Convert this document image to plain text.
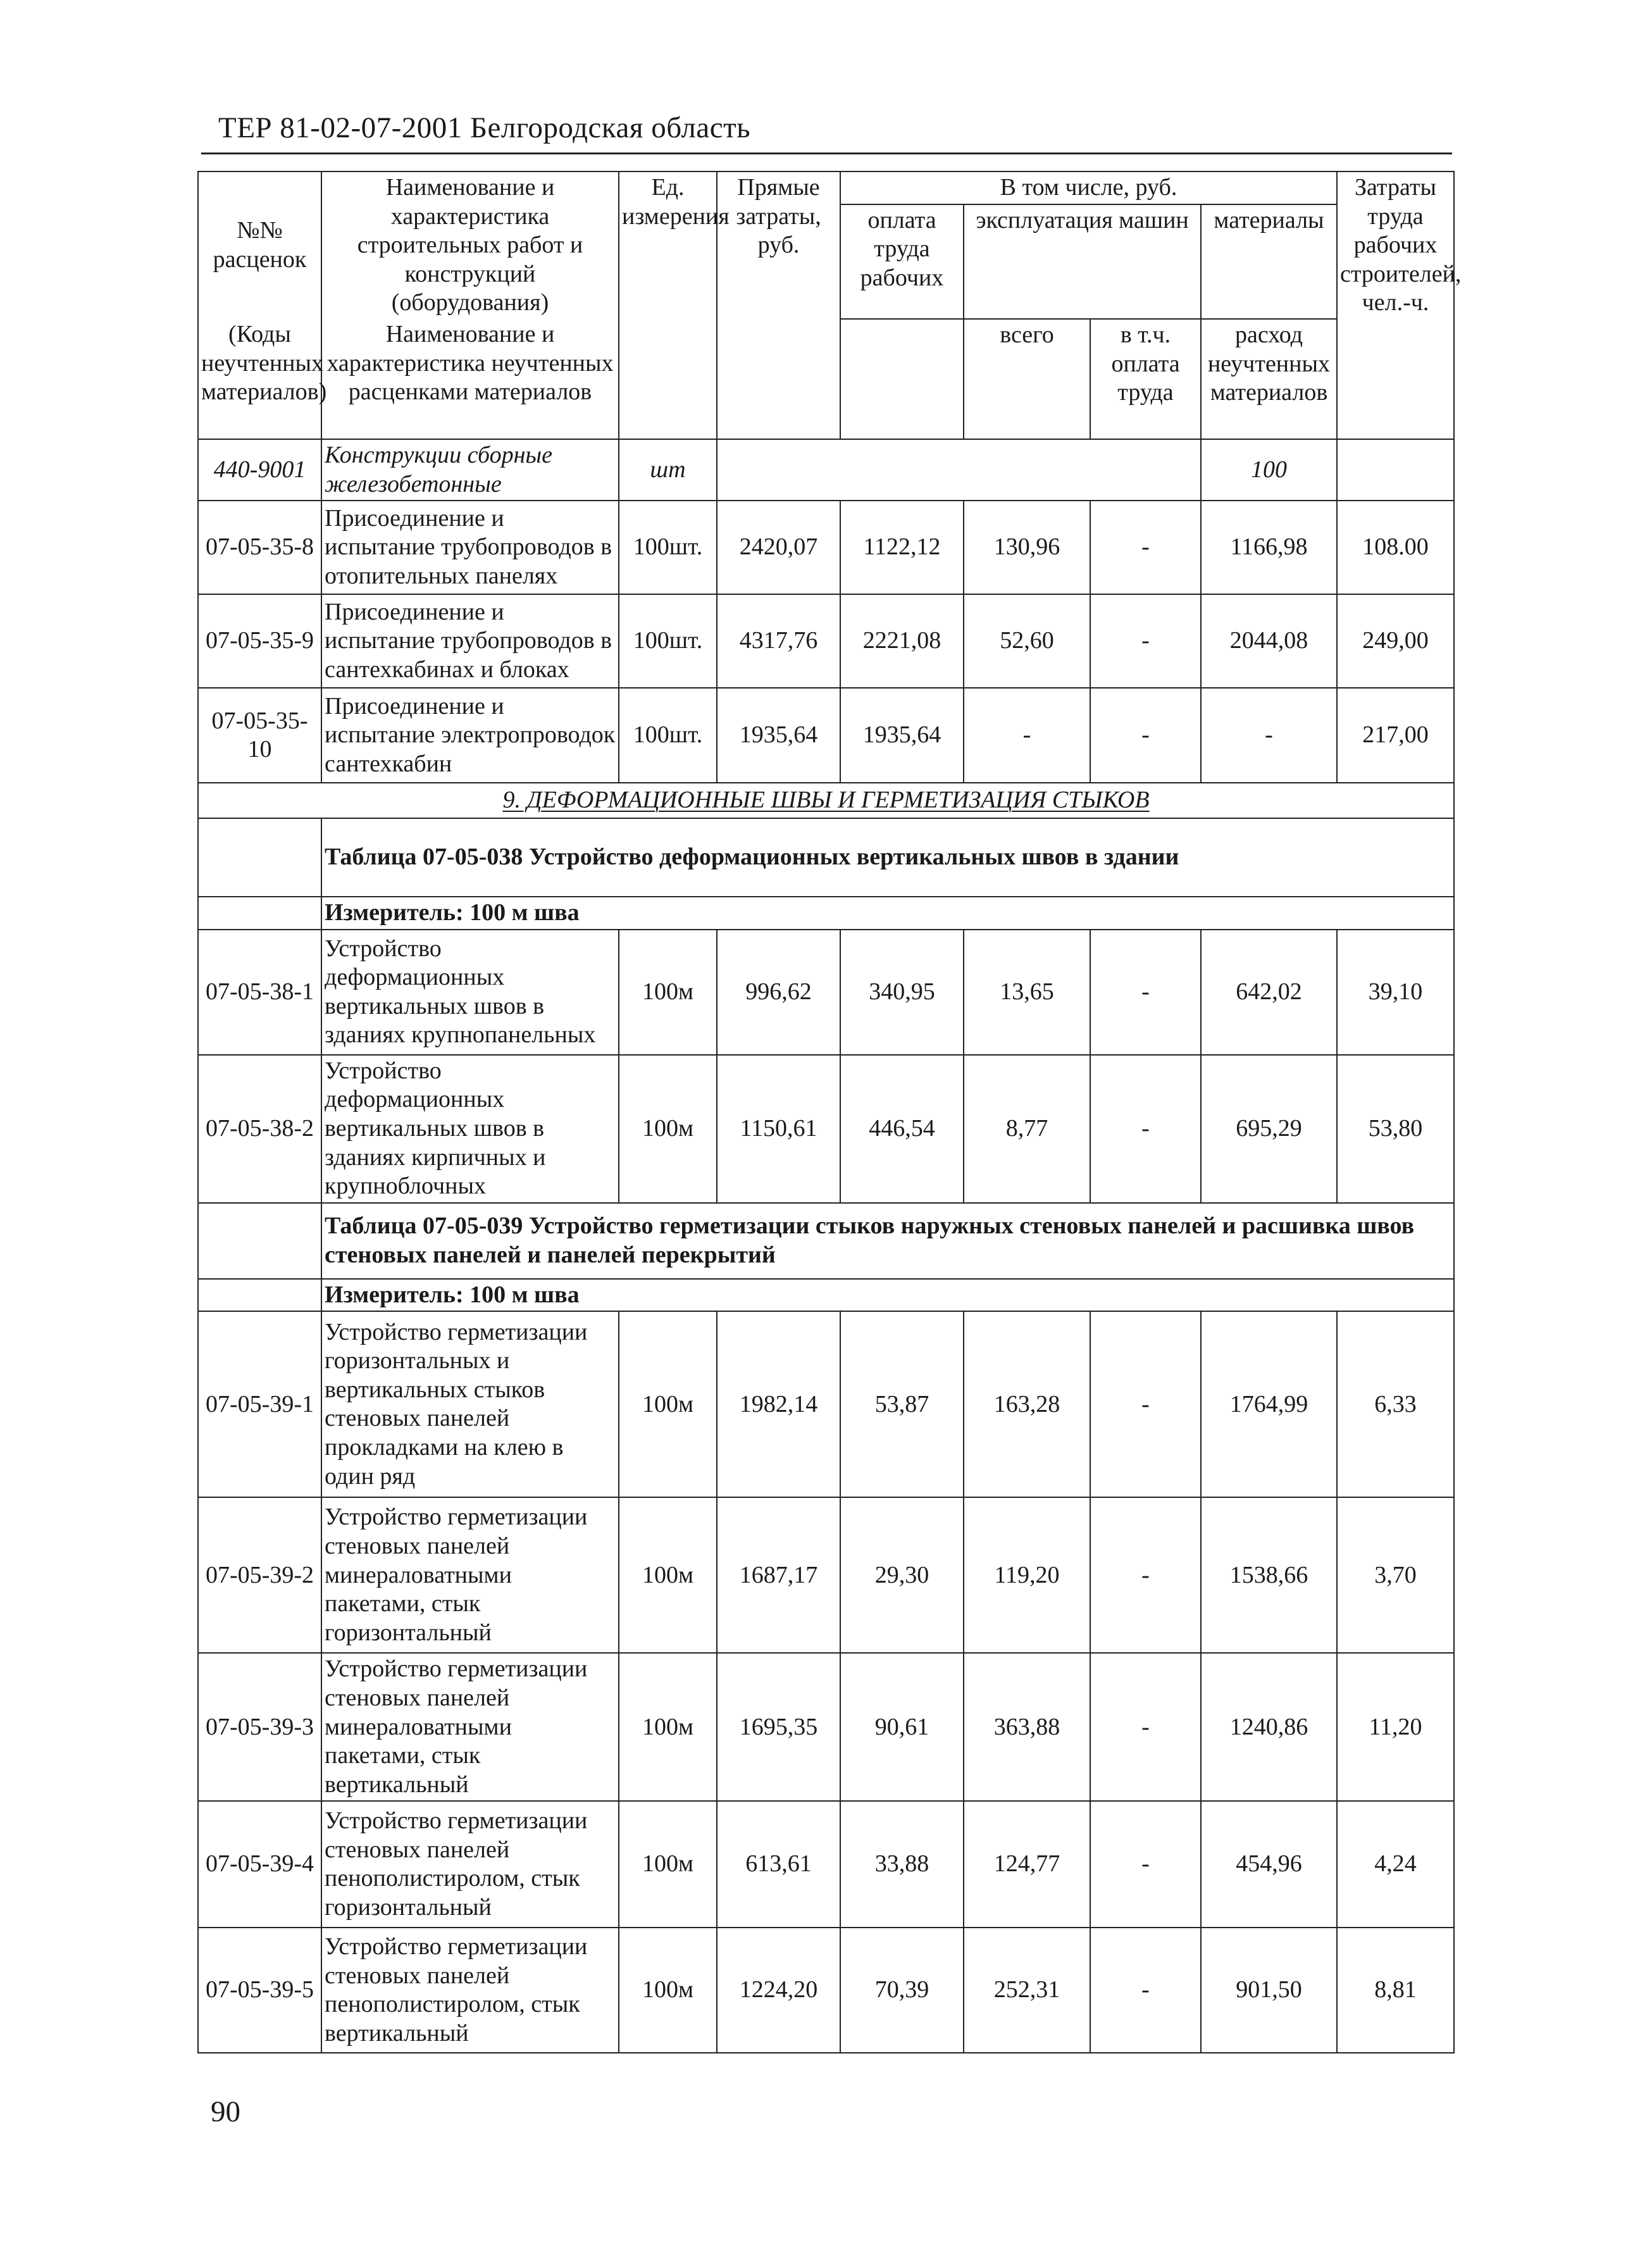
ТЕР 81-02-07-2001 Белгородская область
№№ расценок	Наименование и характеристика строительных работ и конструкций (оборудования)	Ед. измерения	Прямые затраты, руб.	В том числе, руб.				Затраты труда рабочих строителей, чел.-ч.
				оплата труда рабочих	эксплуатация машин		материалы	

(Коды неучтенных материалов)	Наименование и характеристика неучтенных расценками материалов				всего	в т.ч. оплата труда	расход неучтенных материалов	

440-9001	Конструкции сборные железобетонные	шт					100	
07-05-35-8	Присоединение и испытание трубопроводов в отопительных панелях	100шт.	2420,07	1122,12	130,96	-	1166,98	108.00
07-05-35-9	Присоединение и испытание трубопроводов в сантехкабинах и блоках	100шт.	4317,76	2221,08	52,60	-	2044,08	249,00
07-05-35-10	Присоединение и испытание электропроводок сантехкабин	100шт.	1935,64	1935,64	-	-	-	217,00
9. ДЕФОРМАЦИОННЫЕ ШВЫ И ГЕРМЕТИЗАЦИЯ СТЫКОВ								
	Таблица 07-05-038 Устройство деформационных вертикальных швов в здании							
	Измеритель: 100 м шва							
07-05-38-1	Устройство деформационных вертикальных швов в зданиях крупнопанельных	100м	996,62	340,95	13,65	-	642,02	39,10
07-05-38-2	Устройство деформационных вертикальных швов в зданиях кирпичных и крупноблочных	100м	1150,61	446,54	8,77	-	695,29	53,80
	Таблица 07-05-039 Устройство герметизации стыков наружных стеновых панелей и расшивка швов стеновых панелей и панелей перекрытий							
	Измеритель: 100 м шва							
07-05-39-1	Устройство герметизации горизонтальных и вертикальных стыков стеновых панелей прокладками на клею в один ряд	100м	1982,14	53,87	163,28	-	1764,99	6,33
07-05-39-2	Устройство герметизации стеновых панелей минераловатными пакетами, стык горизонтальный	100м	1687,17	29,30	119,20	-	1538,66	3,70
07-05-39-3	Устройство герметизации стеновых панелей минераловатными пакетами, стык вертикальный	100м	1695,35	90,61	363,88	-	1240,86	11,20
07-05-39-4	Устройство герметизации стеновых панелей пенополистиролом, стык горизонтальный	100м	613,61	33,88	124,77	-	454,96	4,24
07-05-39-5	Устройство герметизации стеновых панелей пенополистиролом, стык вертикальный	100м	1224,20	70,39	252,31	-	901,50	8,81
90
